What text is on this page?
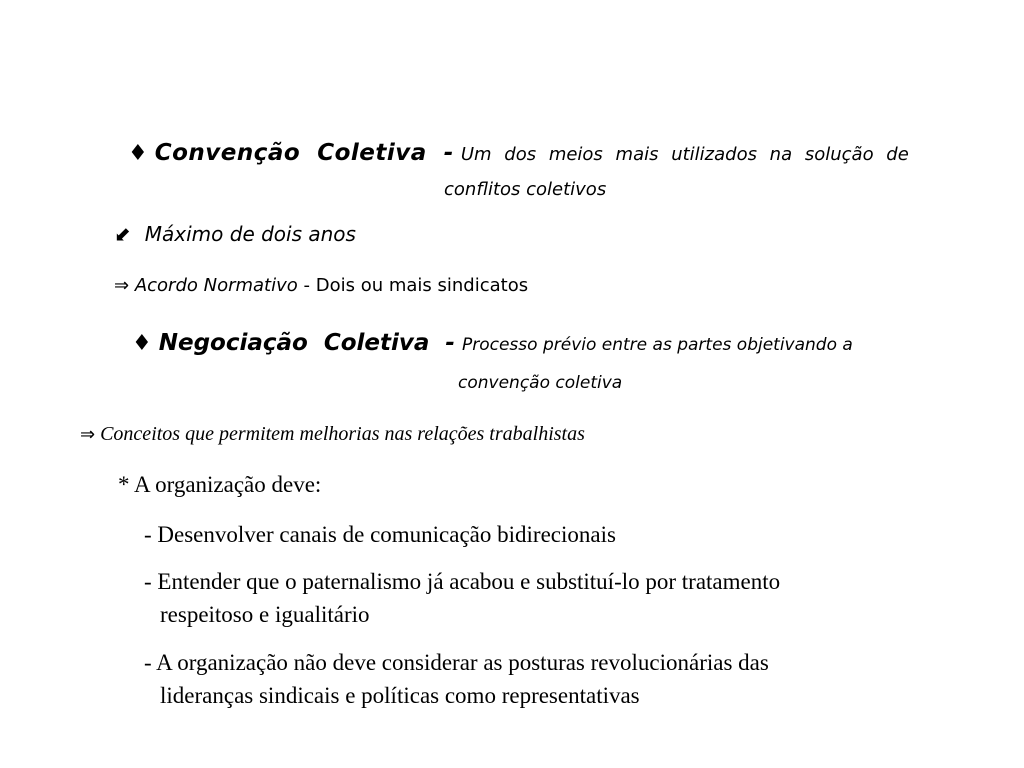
♦ Convenção  Coletiva  - Um dos meios mais utilizados na solução de
conflitos coletivos
⬋ Máximo de dois anos
⇒ Acordo Normativo - Dois ou mais sindicatos
♦ Negociação  Coletiva  - Processo prévio entre as partes objetivando a
convenção coletiva
⇒ Conceitos que permitem melhorias nas relações trabalhistas
* A organização deve:
- Desenvolver canais de comunicação bidirecionais
- Entender que o paternalismo já acabou e substituí-lo por tratamento
respeitoso e igualitário
- A organização não deve considerar as posturas revolucionárias das
lideranças sindicais e políticas como representativas
